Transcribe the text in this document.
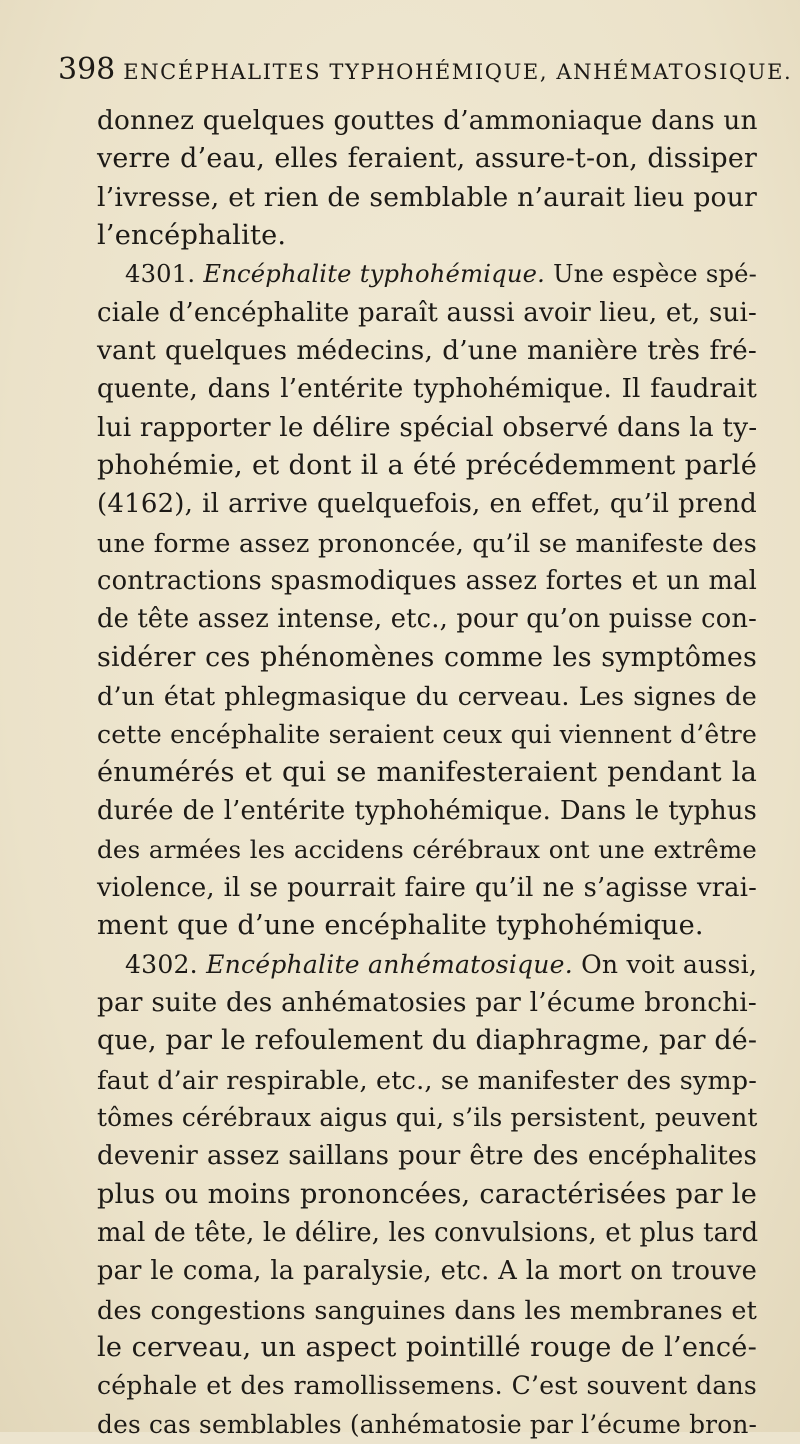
398 ENCÉPHALITES TYPHOHÉMIQUE, ANHÉMATOSIQUE.
donnez quelques gouttes d’ammoniaque dans un
verre d’eau, elles feraient, assure-t-on, dissiper
l’ivresse, et rien de semblable n’aurait lieu pour
l’encéphalite.
4301. Encéphalite typhohémique. Une espèce spé-
ciale d’encéphalite paraît aussi avoir lieu, et, sui-
vant quelques médecins, d’une manière très fré-
quente, dans l’entérite typhohémique. Il faudrait
lui rapporter le délire spécial observé dans la ty-
phohémie, et dont il a été précédemment parlé
(4162), il arrive quelquefois, en effet, qu’il prend
une forme assez prononcée, qu’il se manifeste des
contractions spasmodiques assez fortes et un mal
de tête assez intense, etc., pour qu’on puisse con-
sidérer ces phénomènes comme les symptômes
d’un état phlegmasique du cerveau. Les signes de
cette encéphalite seraient ceux qui viennent d’être
énumérés et qui se manifesteraient pendant la
durée de l’entérite typhohémique. Dans le typhus
des armées les accidens cérébraux ont une extrême
violence, il se pourrait faire qu’il ne s’agisse vrai-
ment que d’une encéphalite typhohémique.
4302. Encéphalite anhématosique. On voit aussi,
par suite des anhématosies par l’écume bronchi-
que, par le refoulement du diaphragme, par dé-
faut d’air respirable, etc., se manifester des symp-
tômes cérébraux aigus qui, s’ils persistent, peuvent
devenir assez saillans pour être des encéphalites
plus ou moins prononcées, caractérisées par le
mal de tête, le délire, les convulsions, et plus tard
par le coma, la paralysie, etc. A la mort on trouve
des congestions sanguines dans les membranes et
le cerveau, un aspect pointillé rouge de l’encé-
céphale et des ramollissemens. C’est souvent dans
des cas semblables (anhématosie par l’écume bron-
